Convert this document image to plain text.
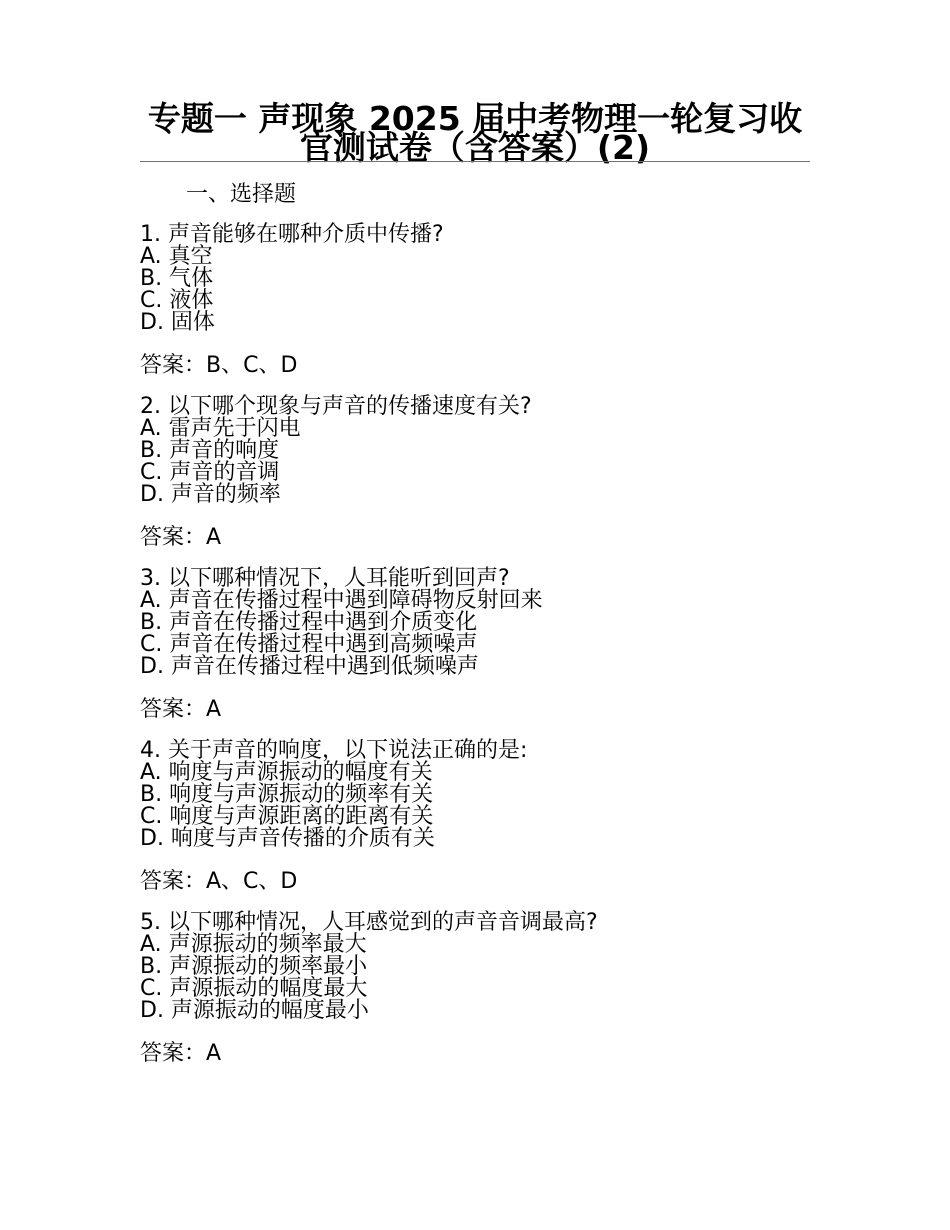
专题一 声现象 2025 届中考物理一轮复习收官测试卷（含答案）(2)
一、选择题
1. 声音能够在哪种介质中传播?
A. 真空
B. 气体
C. 液体
D. 固体
答案：B、C、D
2. 以下哪个现象与声音的传播速度有关?
A. 雷声先于闪电
B. 声音的响度
C. 声音的音调
D. 声音的频率
答案：A
3. 以下哪种情况下，人耳能听到回声?
A. 声音在传播过程中遇到障碍物反射回来
B. 声音在传播过程中遇到介质变化
C. 声音在传播过程中遇到高频噪声
D. 声音在传播过程中遇到低频噪声
答案：A
4. 关于声音的响度，以下说法正确的是:
A. 响度与声源振动的幅度有关
B. 响度与声源振动的频率有关
C. 响度与声源距离的距离有关
D. 响度与声音传播的介质有关
答案：A、C、D
5. 以下哪种情况，人耳感觉到的声音音调最高?
A. 声源振动的频率最大
B. 声源振动的频率最小
C. 声源振动的幅度最大
D. 声源振动的幅度最小
答案：A
